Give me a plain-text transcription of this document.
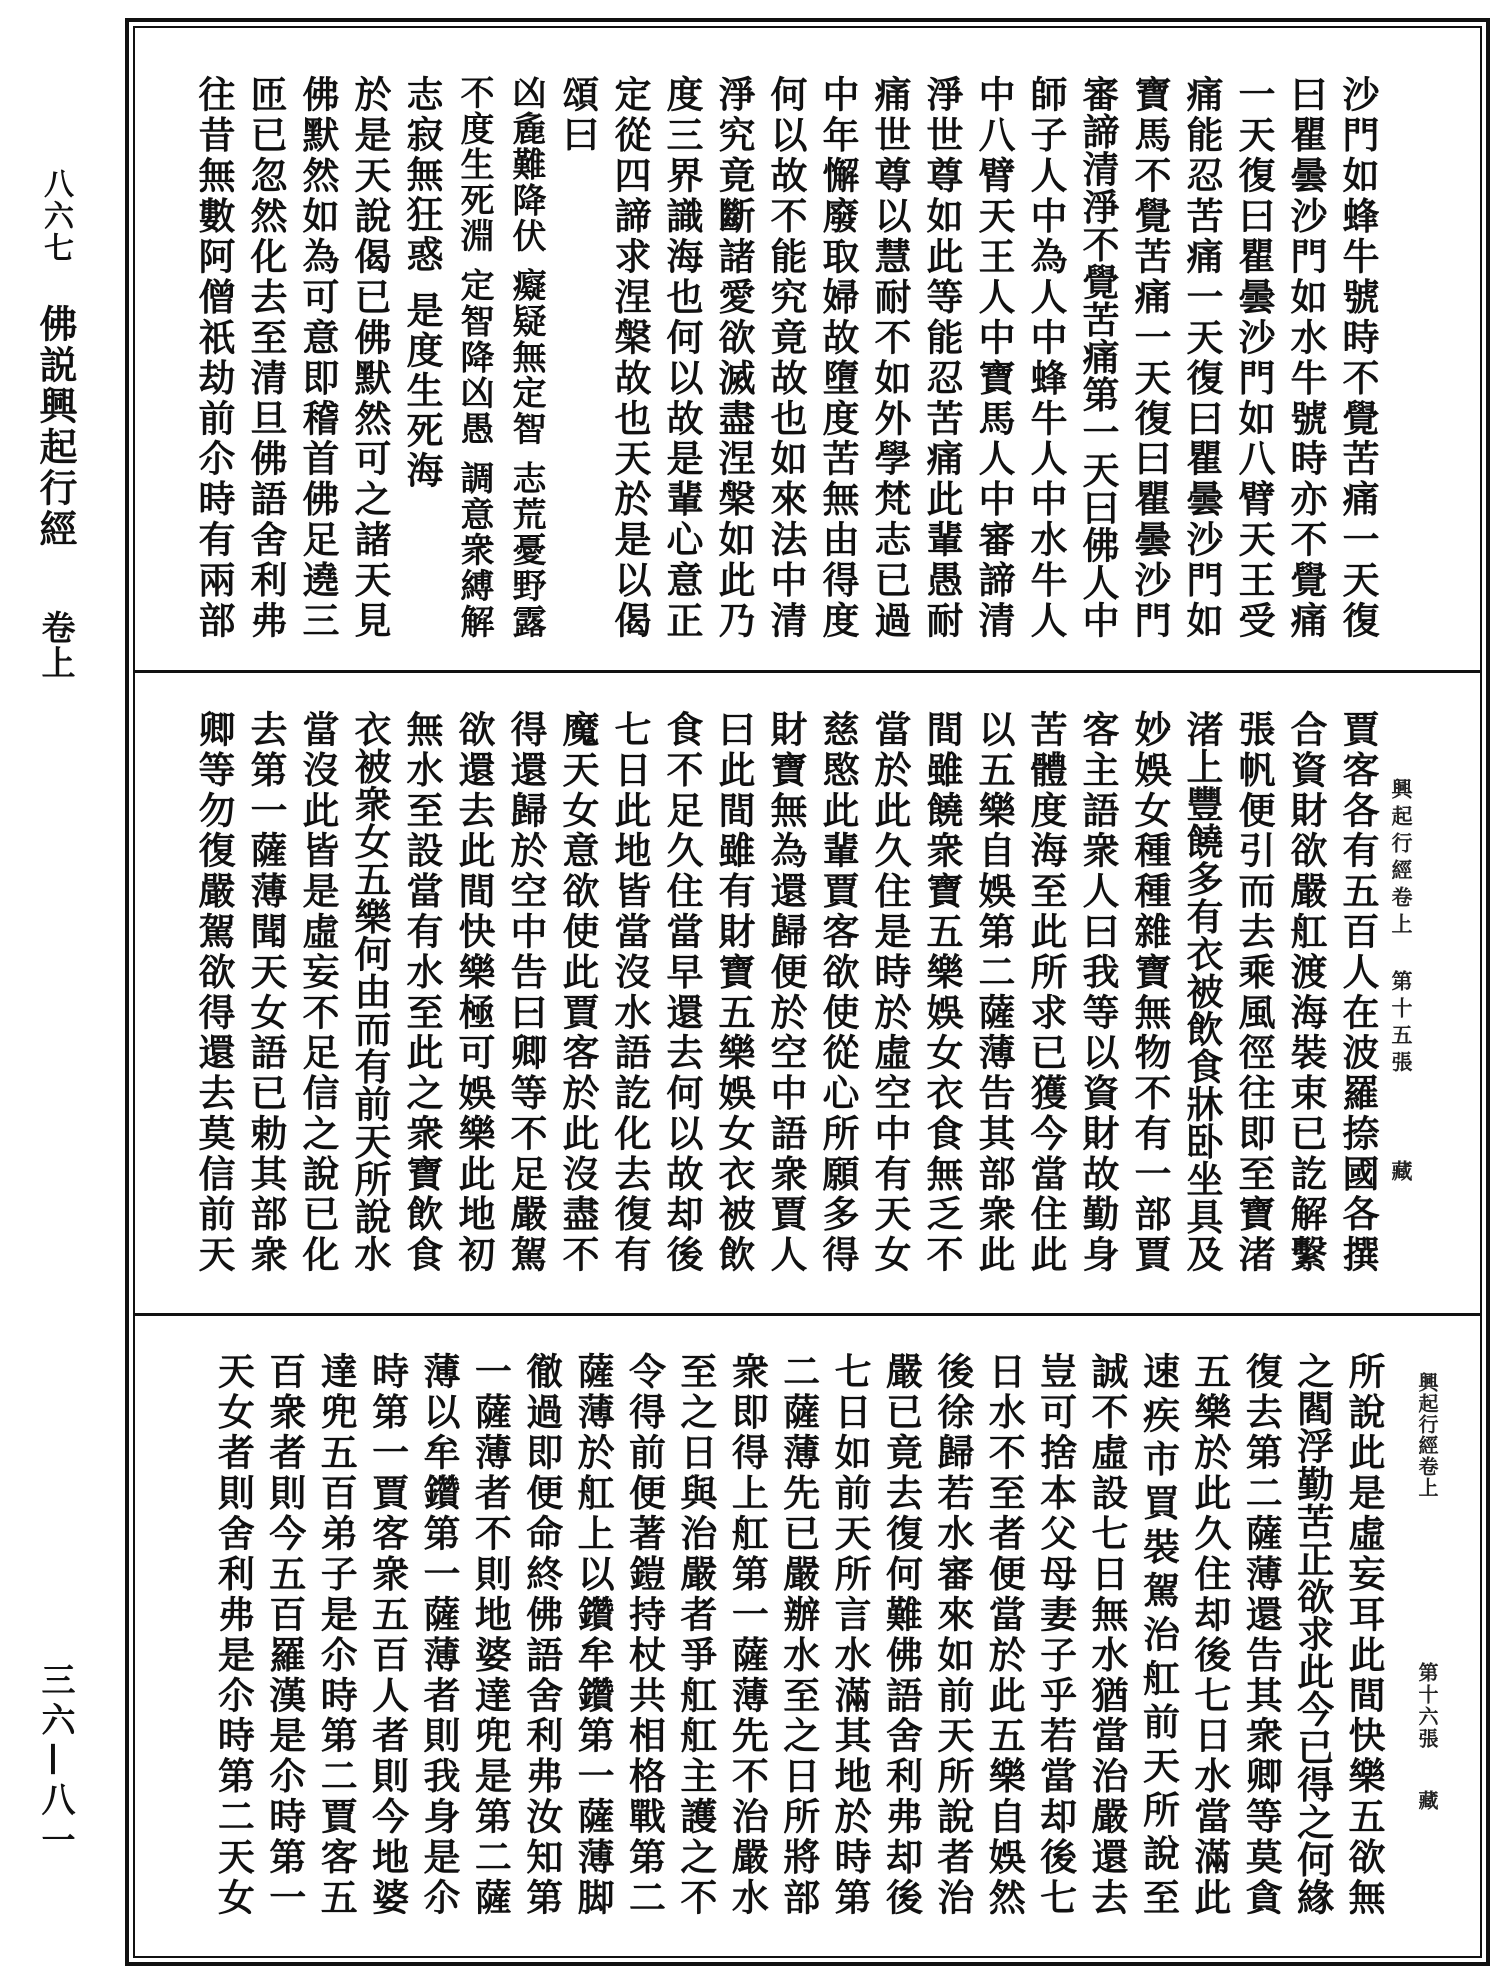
八六七
佛説興起行經
卷上
三六—八一
興起行經卷上
第十五張
藏
興起行經卷上
第十六張
藏
沙門如蜂牛號時不覺苦痛一天復
曰瞿曇沙門如水牛號時亦不覺痛
一天復曰瞿曇沙門如八臂天王受
痛能忍苦痛一天復曰瞿曇沙門如
寶馬不覺苦痛一天復曰瞿曇沙門
審諦清淨不覺苦痛第一天曰佛人中
師子人中為人中蜂牛人中水牛人
中八臂天王人中寶馬人中審諦清
淨世尊如此等能忍苦痛此輩愚耐
痛世尊以慧耐不如外學梵志已過
中年懈廢取婦故墮度苦無由得度
何以故不能究竟故也如來法中清
淨究竟斷諸愛欲滅盡涅槃如此乃
度三界識海也何以故是輩心意正
定從四諦求涅槃故也天於是以偈
頌曰
凶麁難降伏 癡疑無定智 志荒憂野露
不度生死淵 定智降凶愚 調意衆縛解
志寂無狂惑 是度生死海
於是天說偈已佛默然可之諸天見
佛默然如為可意即稽首佛足遶三
匝已忽然化去至清旦佛語舍利弗
往昔無數阿僧祇劫前尒時有兩部
賈客各有五百人在波羅捺國各撰
合資財欲嚴舡渡海裝束已訖解繫
張帆便引而去乘風徑往即至寶渚
渚上豐饒多有衣被飲食牀卧坐具及
妙娛女種種雜寶無物不有一部賈
客主語衆人曰我等以資財故勤身
苦體度海至此所求已獲今當住此
以五樂自娛第二薩薄告其部衆此
間雖饒衆寶五樂娛女衣食無乏不
當於此久住是時於虛空中有天女
慈愍此輩賈客欲使從心所願多得
財寶無為還歸便於空中語衆賈人
曰此間雖有財寶五樂娛女衣被飲
食不足久住當早還去何以故却後
七日此地皆當沒水語訖化去復有
魔天女意欲使此賈客於此沒盡不
得還歸於空中告曰卿等不足嚴駕
欲還去此間快樂極可娛樂此地初
無水至設當有水至此之衆寶飲食
衣被衆女五樂何由而有前天所說水
當沒此皆是虛妄不足信之說已化
去第一薩薄聞天女語已勅其部衆
卿等勿復嚴駕欲得還去莫信前天
所說此是虛妄耳此間快樂五欲無
之閻浮勤苦正欲求此今已得之何緣
復去第二薩薄還告其衆卿等莫貪
五樂於此久住却後七日水當滿此
速疾市買裝駕治舡前天所說至
誠不虛設七日無水猶當治嚴還去
豈可捨本父母妻子乎若當却後七
日水不至者便當於此五樂自娛然
後徐歸若水審來如前天所說者治
嚴已竟去復何難佛語舍利弗却後
七日如前天所言水滿其地於時第
二薩薄先已嚴辦水至之日所將部
衆即得上舡第一薩薄先不治嚴水
至之日與治嚴者爭舡舡主護之不
令得前便著鎧持杖共相格戰第二
薩薄於舡上以鑽牟鑽第一薩薄脚
徹過即便命終佛語舍利弗汝知第
一薩薄者不則地婆達兜是第二薩
薄以牟鑽第一薩薄者則我身是尒
時第一賈客衆五百人者則今地婆
達兜五百弟子是尒時第二賈客五
百衆者則今五百羅漢是尒時第一
天女者則舍利弗是尒時第二天女
